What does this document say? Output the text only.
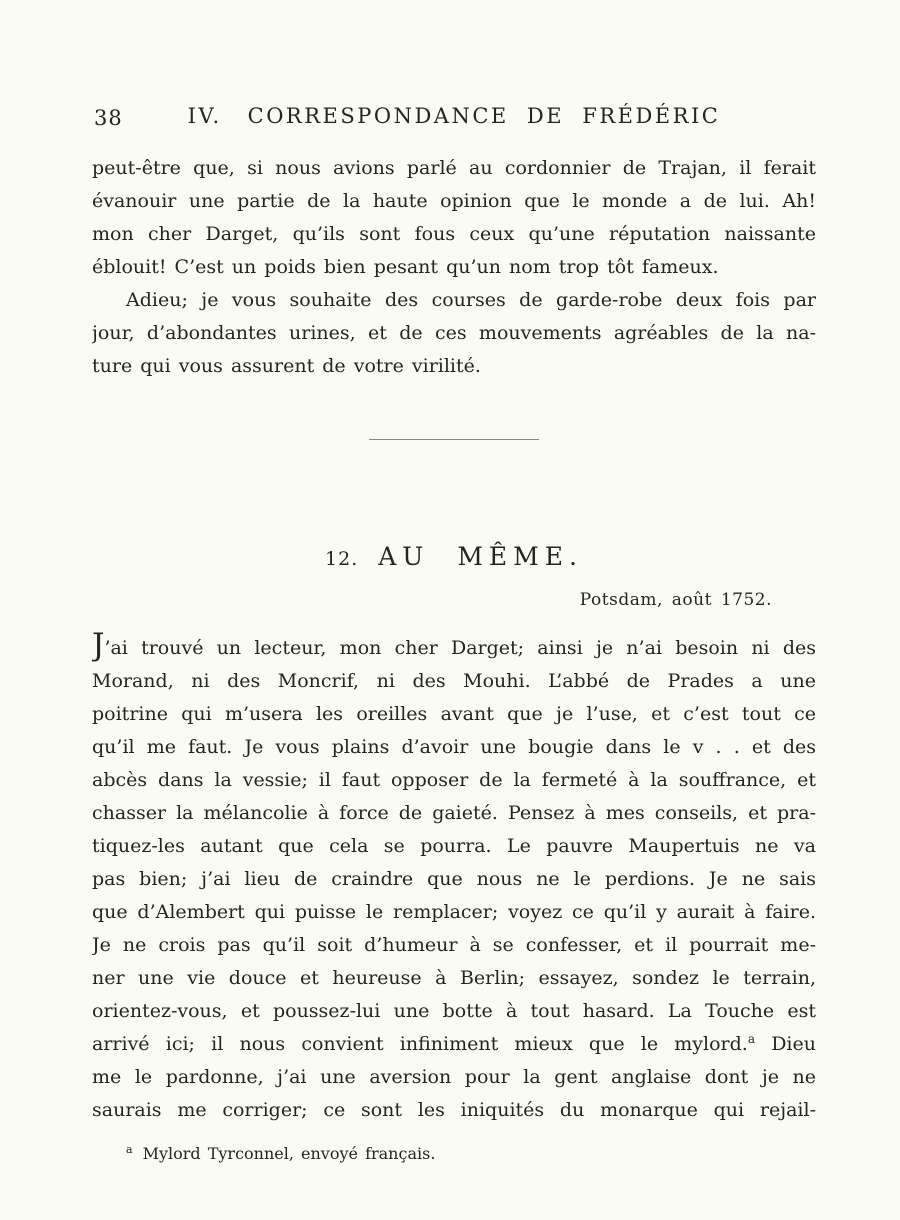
38	IV. CORRESPONDANCE DE FRÉDÉRIC
peut-être que, si nous avions parlé au cordonnier de Trajan, il ferait
évanouir une partie de la haute opinion que le monde a de lui. Ah!
mon cher Darget, qu’ils sont fous ceux qu’une réputation naissante
éblouit! C’est un poids bien pesant qu’un nom trop tôt fameux.
Adieu; je vous souhaite des courses de garde-robe deux fois par
jour, d’abondantes urines, et de ces mouvements agréables de la na-
ture qui vous assurent de votre virilité.
12. AU MÊME.
Potsdam, août 1752.
J’ai trouvé un lecteur, mon cher Darget; ainsi je n’ai besoin ni des
Morand, ni des Moncrif, ni des Mouhi. L’abbé de Prades a une
poitrine qui m’usera les oreilles avant que je l’use, et c’est tout ce
qu’il me faut. Je vous plains d’avoir une bougie dans le v . . et des
abcès dans la vessie; il faut opposer de la fermeté à la souffrance, et
chasser la mélancolie à force de gaieté. Pensez à mes conseils, et pra-
tiquez-les autant que cela se pourra. Le pauvre Maupertuis ne va
pas bien; j’ai lieu de craindre que nous ne le perdions. Je ne sais
que d’Alembert qui puisse le remplacer; voyez ce qu’il y aurait à faire.
Je ne crois pas qu’il soit d’humeur à se confesser, et il pourrait me-
ner une vie douce et heureuse à Berlin; essayez, sondez le terrain,
orientez-vous, et poussez-lui une botte à tout hasard. La Touche est
arrivé ici; il nous convient infiniment mieux que le mylord.$^a$ Dieu
me le pardonne, j’ai une aversion pour la gent anglaise dont je ne
saurais me corriger; ce sont les iniquités du monarque qui rejail-
$^a$ Mylord Tyrconnel, envoyé français.
